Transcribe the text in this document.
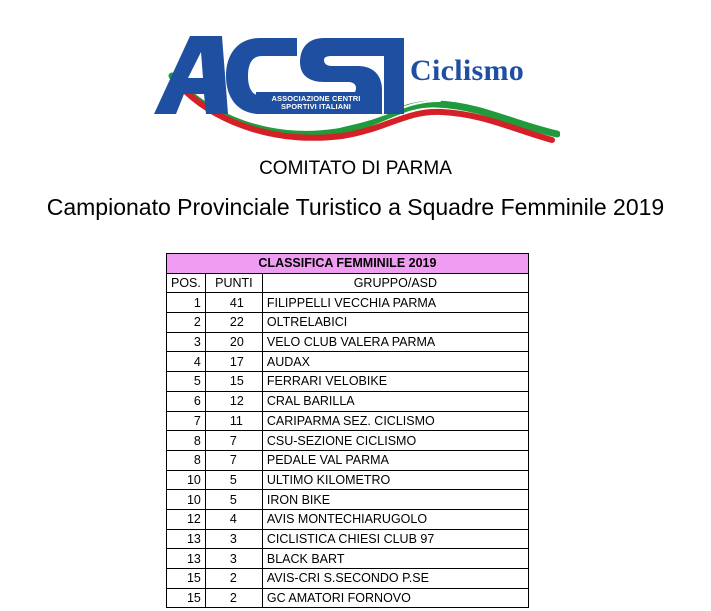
ASSOCIAZIONE CENTRI
SPORTIVI ITALIANI
Ciclismo
COMITATO DI PARMA
Campionato Provinciale Turistico a Squadre Femminile 2019
CLASSIFICA FEMMINILE 2019		
POS.	PUNTI	GRUPPO/ASD
1	41	FILIPPELLI VECCHIA PARMA
2	22	OLTRELABICI
3	20	VELO CLUB VALERA PARMA
4	17	AUDAX
5	15	FERRARI VELOBIKE
6	12	CRAL BARILLA
7	11	CARIPARMA SEZ. CICLISMO
8	7	CSU-SEZIONE CICLISMO
8	7	PEDALE VAL PARMA
10	5	ULTIMO KILOMETRO
10	5	IRON BIKE
12	4	AVIS MONTECHIARUGOLO
13	3	CICLISTICA CHIESI CLUB 97
13	3	BLACK BART
15	2	AVIS-CRI S.SECONDO P.SE
15	2	GC AMATORI FORNOVO
